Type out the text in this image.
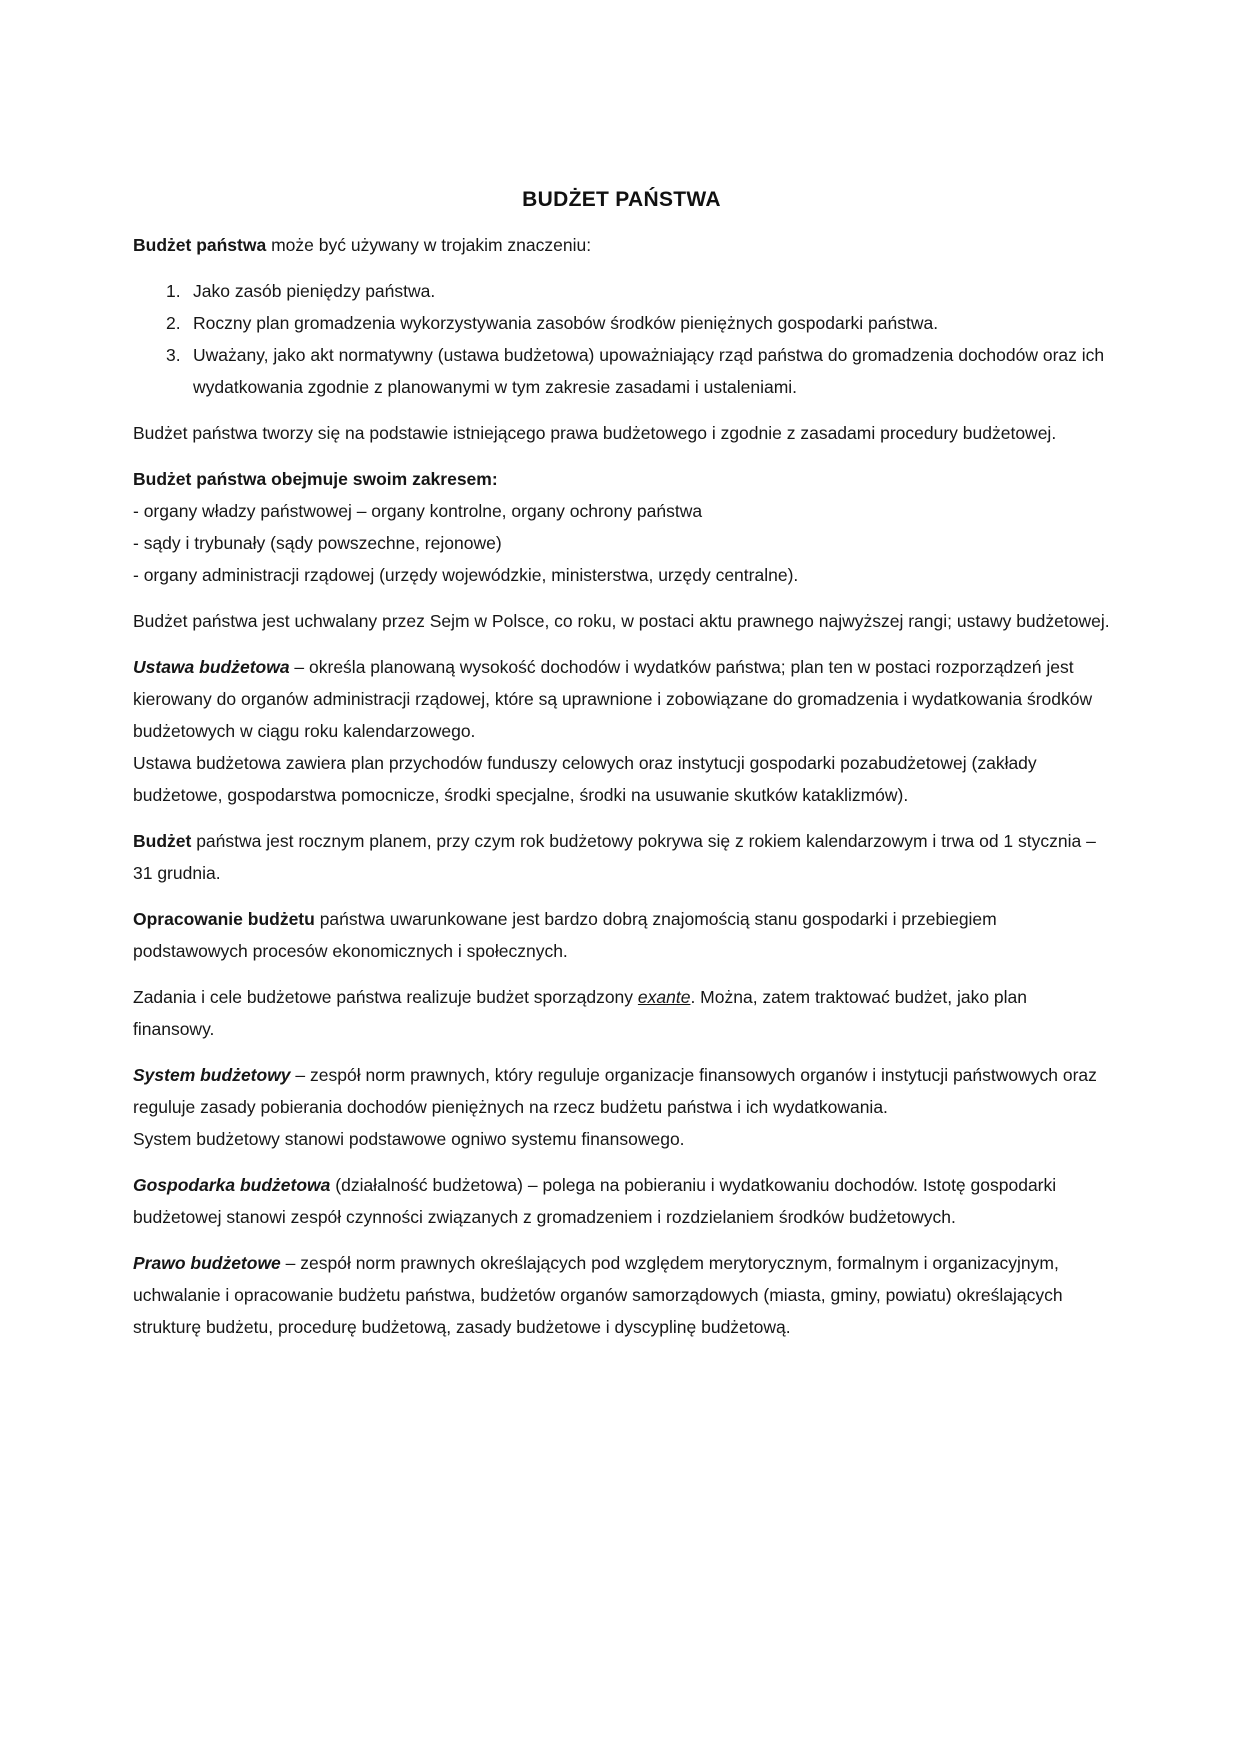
BUDŻET PAŃSTWA

Budżet państwa może być używany w trojakim znaczeniu:

1. Jako zasób pieniędzy państwa.
2. Roczny plan gromadzenia wykorzystywania zasobów środków pieniężnych gospodarki państwa.
3. Uważany, jako akt normatywny (ustawa budżetowa) upoważniający rząd państwa do gromadzenia dochodów oraz ich wydatkowania zgodnie z planowanymi w tym zakresie zasadami i ustaleniami.

Budżet państwa tworzy się na podstawie istniejącego prawa budżetowego i zgodnie z zasadami procedury budżetowej.

Budżet państwa obejmuje swoim zakresem:
- organy władzy państwowej – organy kontrolne, organy ochrony państwa
- sądy i trybunały (sądy powszechne, rejonowe)
- organy administracji rządowej (urzędy wojewódzkie, ministerstwa, urzędy centralne).

Budżet państwa jest uchwalany przez Sejm w Polsce, co roku, w postaci aktu prawnego najwyższej rangi; ustawy budżetowej.

Ustawa budżetowa – określa planowaną wysokość dochodów i wydatków państwa; plan ten w postaci rozporządzeń jest kierowany do organów administracji rządowej, które są uprawnione i zobowiązane do gromadzenia i wydatkowania środków budżetowych w ciągu roku kalendarzowego.
Ustawa budżetowa zawiera plan przychodów funduszy celowych oraz instytucji gospodarki pozabudżetowej (zakłady budżetowe, gospodarstwa pomocnicze, środki specjalne, środki na usuwanie skutków kataklizmów).

Budżet państwa jest rocznym planem, przy czym rok budżetowy pokrywa się z rokiem kalendarzowym i trwa od 1 stycznia – 31 grudnia.

Opracowanie budżetu państwa uwarunkowane jest bardzo dobrą znajomością stanu gospodarki i przebiegiem podstawowych procesów ekonomicznych i społecznych.

Zadania i cele budżetowe państwa realizuje budżet sporządzony exante. Można, zatem traktować budżet, jako plan finansowy.

System budżetowy – zespół norm prawnych, który reguluje organizacje finansowych organów i instytucji państwowych oraz reguluje zasady pobierania dochodów pieniężnych na rzecz budżetu państwa i ich wydatkowania.
System budżetowy stanowi podstawowe ogniwo systemu finansowego.

Gospodarka budżetowa (działalność budżetowa) – polega na pobieraniu i wydatkowaniu dochodów. Istotę gospodarki budżetowej stanowi zespół czynności związanych z gromadzeniem i rozdzielaniem środków budżetowych.

Prawo budżetowe – zespół norm prawnych określających pod względem merytorycznym, formalnym i organizacyjnym, uchwalanie i opracowanie budżetu państwa, budżetów organów samorządowych (miasta, gminy, powiatu) określających strukturę budżetu, procedurę budżetową, zasady budżetowe i dyscyplinę budżetową.
